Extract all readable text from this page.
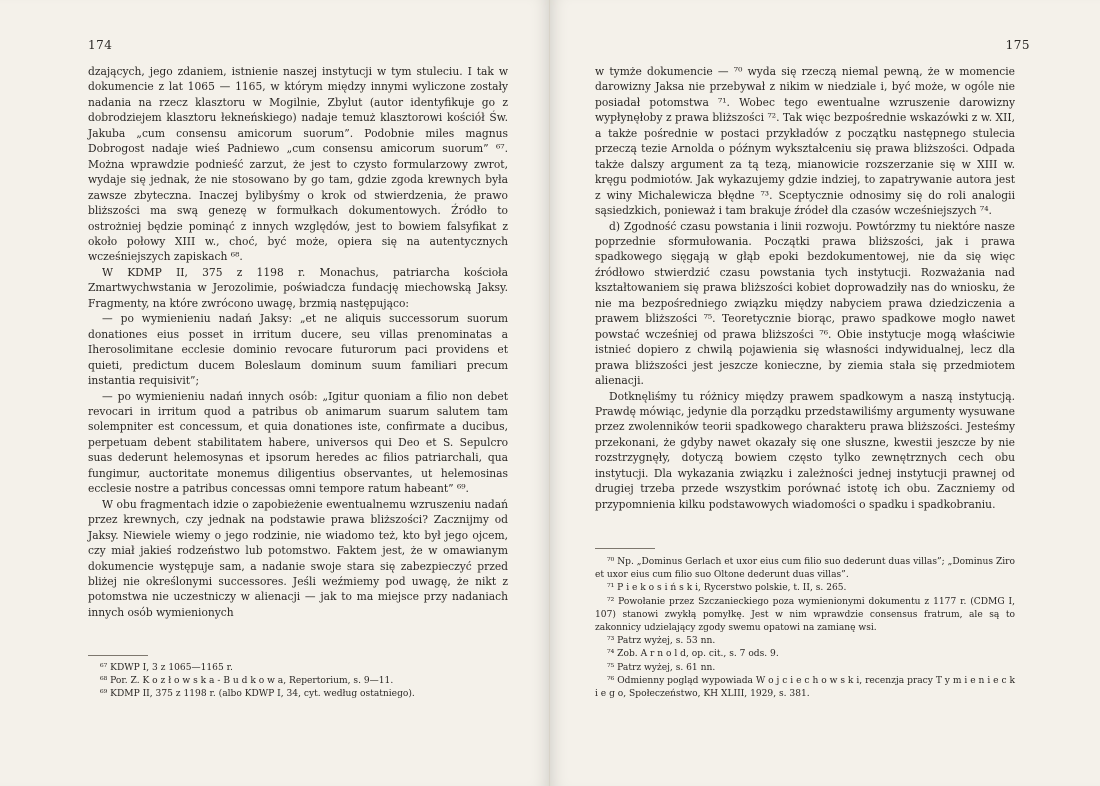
174

dzających, jego zdaniem, istnienie naszej instytucji w tym stuleciu. I tak w dokumencie z lat 1065 — 1165, w którym między innymi wyliczone zostały nadania na rzecz klasztoru w Mogilnie, Zbylut (autor identyfikuje go z dobrodziejem klasztoru łekneńskiego) nadaje temuż klasztorowi kościół Św. Jakuba „cum consensu amicorum suorum”. Podobnie miles magnus Dobrogost nadaje wieś Padniewo „cum consensu amicorum suorum” ⁶⁷. Można wprawdzie podnieść zarzut, że jest to czysto formularzowy zwrot, wydaje się jednak, że nie stosowano by go tam, gdzie zgoda krewnych była zawsze zbyteczna. Inaczej bylibyśmy o krok od stwierdzenia, że prawo bliższości ma swą genezę w formułkach dokumentowych. Źródło to ostrożniej będzie pominąć z innych względów, jest to bowiem falsyfikat z około połowy XIII w., choć, być może, opiera się na autentycznych wcześniejszych zapiskach ⁶⁸.

W KDMP II, 375 z 1198 r. Monachus, patriarcha kościoła Zmartwychwstania w Jerozolimie, poświadcza fundację miechowską Jaksy. Fragmenty, na które zwrócono uwagę, brzmią następująco:

— po wymienieniu nadań Jaksy: „et ne aliquis successorum suorum donationes eius posset in irritum ducere, seu villas prenominatas a Iherosolimitane ecclesie dominio revocare futurorum paci providens et quieti, predictum ducem Boleslaum dominum suum familiari precum instantia requisivit”;

— po wymienieniu nadań innych osób: „Igitur quoniam a filio non debet revocari in irritum quod a patribus ob animarum suarum salutem tam solempniter est concessum, et quia donationes iste, confirmate a ducibus, perpetuam debent stabilitatem habere, universos qui Deo et S. Sepulcro suas dederunt helemosynas et ipsorum heredes ac filios patriarchali, qua fungimur, auctoritate monemus diligentius observantes, ut helemosinas ecclesie nostre a patribus concessas omni tempore ratum habeant” ⁶⁹.

W obu fragmentach idzie o zapobieżenie ewentualnemu wzruszeniu nadań przez krewnych, czy jednak na podstawie prawa bliższości? Zacznijmy od Jaksy. Niewiele wiemy o jego rodzinie, nie wiadomo też, kto był jego ojcem, czy miał jakieś rodzeństwo lub potomstwo. Faktem jest, że w omawianym dokumencie występuje sam, a nadanie swoje stara się zabezpieczyć przed bliżej nie określonymi successores. Jeśli weźmiemy pod uwagę, że nikt z potomstwa nie uczestniczy w alienacji — jak to ma miejsce przy nadaniach innych osób wymienionych

⁶⁷ KDWP I, 3 z 1065—1165 r.

⁶⁸ Por. Z. K o z ł o w s k a - B u d k o w a, Repertorium, s. 9—11.

⁶⁹ KDMP II, 375 z 1198 r. (albo KDWP I, 34, cyt. według ostatniego).

175

w tymże dokumencie — ⁷⁰ wyda się rzeczą niemal pewną, że w momencie darowizny Jaksa nie przebywał z nikim w niedziale i, być może, w ogóle nie posiadał potomstwa ⁷¹. Wobec tego ewentualne wzruszenie darowizny wypłynęłoby z prawa bliższości ⁷². Tak więc bezpośrednie wskazówki z w. XII, a także pośrednie w postaci przykładów z początku następnego stulecia przeczą tezie Arnolda o późnym wykształceniu się prawa bliższości. Odpada także dalszy argument za tą tezą, mianowicie rozszerzanie się w XIII w. kręgu podmiotów. Jak wykazujemy gdzie indziej, to zapatrywanie autora jest z winy Michalewicza błędne ⁷³. Sceptycznie odnosimy się do roli analogii sąsiedzkich, ponieważ i tam brakuje źródeł dla czasów wcześniejszych ⁷⁴.

d) Zgodność czasu powstania i linii rozwoju. Powtórzmy tu niektóre nasze poprzednie sformułowania. Początki prawa bliższości, jak i prawa spadkowego sięgają w głąb epoki bezdokumentowej, nie da się więc źródłowo stwierdzić czasu powstania tych instytucji. Rozważania nad kształtowaniem się prawa bliższości kobiet doprowadziły nas do wniosku, że nie ma bezpośredniego związku między nabyciem prawa dziedziczenia a prawem bliższości ⁷⁵. Teoretycznie biorąc, prawo spadkowe mogło nawet powstać wcześniej od prawa bliższości ⁷⁶. Obie instytucje mogą właściwie istnieć dopiero z chwilą pojawienia się własności indywidualnej, lecz dla prawa bliższości jest jeszcze konieczne, by ziemia stała się przedmiotem alienacji.

Dotknęliśmy tu różnicy między prawem spadkowym a naszą instytucją. Prawdę mówiąc, jedynie dla porządku przedstawiliśmy argumenty wysuwane przez zwolenników teorii spadkowego charakteru prawa bliższości. Jesteśmy przekonani, że gdyby nawet okazały się one słuszne, kwestii jeszcze by nie rozstrzygnęły, dotyczą bowiem często tylko zewnętrznych cech obu instytucji. Dla wykazania związku i zależności jednej instytucji prawnej od drugiej trzeba przede wszystkim porównać istotę ich obu. Zaczniemy od przypomnienia kilku podstawowych wiadomości o spadku i spadkobraniu.

⁷⁰ Np. „Dominus Gerlach et uxor eius cum filio suo dederunt duas villas”; „Dominus Ziro et uxor eius cum filio suo Oltone dederunt duas villas”.

⁷¹ P i e k o s i ń s k i, Rycerstwo polskie, t. II, s. 265.

⁷² Powołanie przez Szczanieckiego poza wymienionymi dokumentu z 1177 r. (CDMG I, 107) stanowi zwykłą pomyłkę. Jest w nim wprawdzie consensus fratrum, ale są to zakonnicy udzielający zgody swemu opatowi na zamianę wsi.

⁷³ Patrz wyżej, s. 53 nn.

⁷⁴ Zob. A r n o l d, op. cit., s. 7 ods. 9.

⁷⁵ Patrz wyżej, s. 61 nn.

⁷⁶ Odmienny pogląd wypowiada W o j c i e c h o w s k i, recenzja pracy T y m i e n i e c k i e g o, Społeczeństwo, KH XLIII, 1929, s. 381.
